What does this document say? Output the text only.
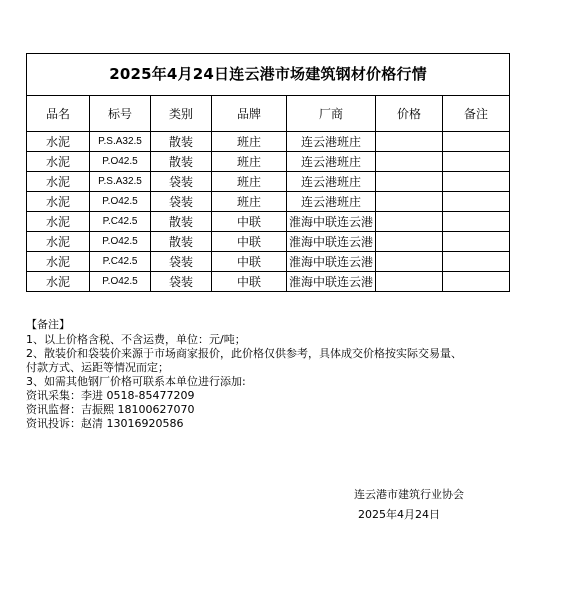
2025年4月24日连云港市场建筑钢材价格行情						
品名	标号	类别	品牌	厂商	价格	备注
水泥	P.S.A32.5	散装	班庄	连云港班庄		
水泥	P.O42.5	散装	班庄	连云港班庄		
水泥	P.S.A32.5	袋装	班庄	连云港班庄		
水泥	P.O42.5	袋装	班庄	连云港班庄		
水泥	P.C42.5	散装	中联	淮海中联连云港		
水泥	P.O42.5	散装	中联	淮海中联连云港		
水泥	P.C42.5	袋装	中联	淮海中联连云港		
水泥	P.O42.5	袋装	中联	淮海中联连云港		
【备注】
1、以上价格含税、不含运费，单位：元/吨；
2、散装价和袋装价来源于市场商家报价，此价格仅供参考，具体成交价格按实际交易量、
付款方式、运距等情况而定；
3、如需其他钢厂价格可联系本单位进行添加:
资讯采集：李进 0518-85477209
资讯监督：吉振熙 18100627070
资讯投诉：赵清 13016920586
连云港市建筑行业协会
2025年4月24日
